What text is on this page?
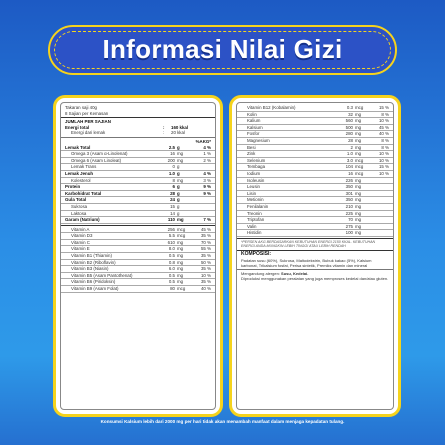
Informasi Nilai Gizi
Takaran saji 40g
8 Sajian per Kemasan
JUMLAH PER SAJIAN
Energi total	:	160 kkal
Energi dari lemak	:	20 kkal
%AKG*
Lemak Total	2.5 g	4 %
Omega 3 (Asam α-Linolenat)	16 mg	1 %
Omega 6 (Asam Linoleat)	200 mg	2 %
Lemak Trans	0 g
Lemak Jenuh	1.0 g	4 %
Kolesterol	8 mg	3 %
Protein	6 g	9 %
Karbohidrat Total	28 g	9 %
Gula Total	24 g
Sukrosa	15 g
Laktosa	14 g
Garam (Natrium)	110 mg	7 %
Vitamin A	256 mcg	45 %
Vitamin D3	5.5 mcg	35 %
Vitamin C	610 mg	70 %
Vitamin E	8.0 mg	55 %
Vitamin B1 (Thiamin)	0.5 mg	35 %
Vitamin B2 (Riboflavin)	0.8 mg	50 %
Vitamin B3 (Niasin)	6.0 mg	35 %
Vitamin B5 (Asam Pantothenat)	0.5 mg	10 %
Vitamin B6 (Piridoksin)	0.5 mg	35 %
Vitamin B9 (Asam Folat)	80 mcg	40 %
Vitamin B12 (Kobalamin)	0.3 mcg	15 %
Kolin	32 mg	8 %
Kalium	560 mg	10 %
Kalsium	500 mg	45 %
Fosfor	280 mg	40 %
Magnesium	28 mg	8 %
Besi	2 mg	8 %
Zink	1.0 mg	10 %
Selenium	3.0 mcg	10 %
Tembaga	104 mcg	15 %
Iodium	16 mcg	10 %
Isoleusin	226 mg
Leusin	350 mg
Lisin	301 mg
Metionin	350 mg
Fenilalanin	210 mg
Treonin	225 mg
Triptofan	70 mg
Valin	275 mg
Histidin	100 mg
*PERSEN AKG BERDASARKAN KEBUTUHAN ENERGI 2150 KKAL. KEBUTUHAN ENERGI ANDA MUNGKIN LEBIH TINGGI ATAU LEBIH RENDAH
KOMPOSISI:
Padatan susu (60%), Sukrosa, Maltodekstrin, Bubuk kakao (5%), Kalsium karbonat, Trikalsium fosfat, Perisa sintetik, Premiks vitamin dan mineral
Mengandung alergen: Susu, Kedelai.
Diproduksi menggunakan peralatan yang juga memproses kedelai dan/atau gluten.
Konsumsi Kalsium lebih dari 2000 mg per hari tidak akan menambah manfaat dalam menjaga kepadatan tulang.
